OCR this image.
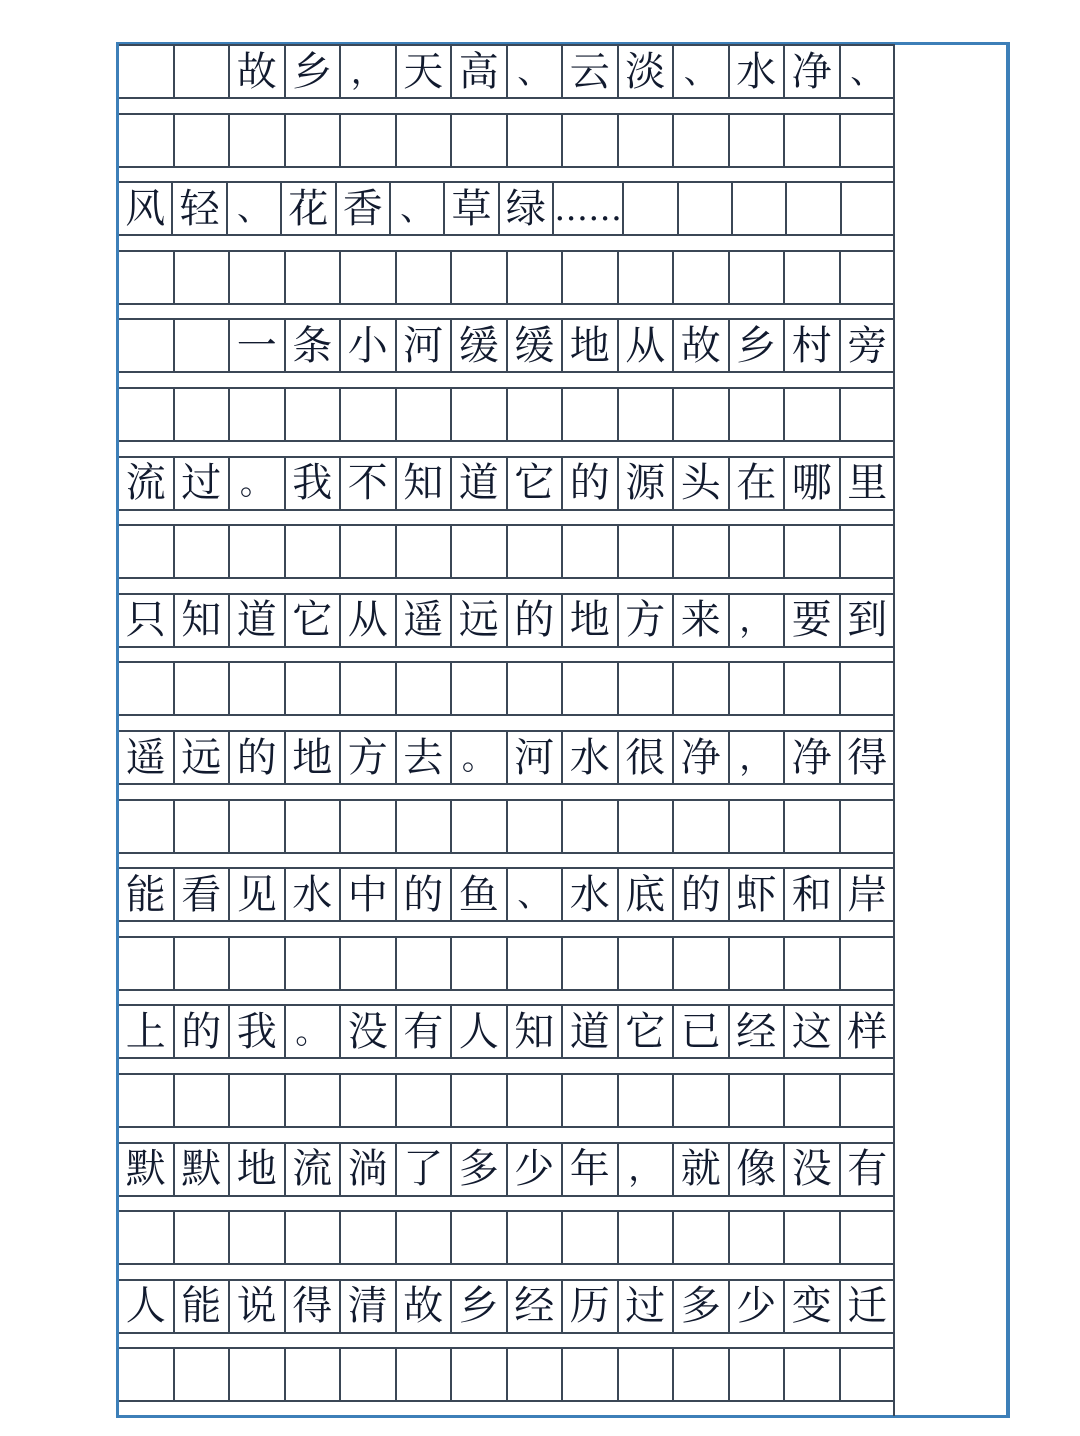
故 乡 ， 天 高 、 云 淡 、 水 净 、
风 轻 、 花 香 、 草 绿 ……
一 条 小 河 缓 缓 地 从 故 乡 村 旁
流 过 。 我 不 知 道 它 的 源 头 在 哪 里
只 知 道 它 从 遥 远 的 地 方 来 ， 要 到
遥 远 的 地 方 去 。 河 水 很 净 ， 净 得
能 看 见 水 中 的 鱼 、 水 底 的 虾 和 岸
上 的 我 。 没 有 人 知 道 它 已 经 这 样
默 默 地 流 淌 了 多 少 年 ， 就 像 没 有
人 能 说 得 清 故 乡 经 历 过 多 少 变 迁
